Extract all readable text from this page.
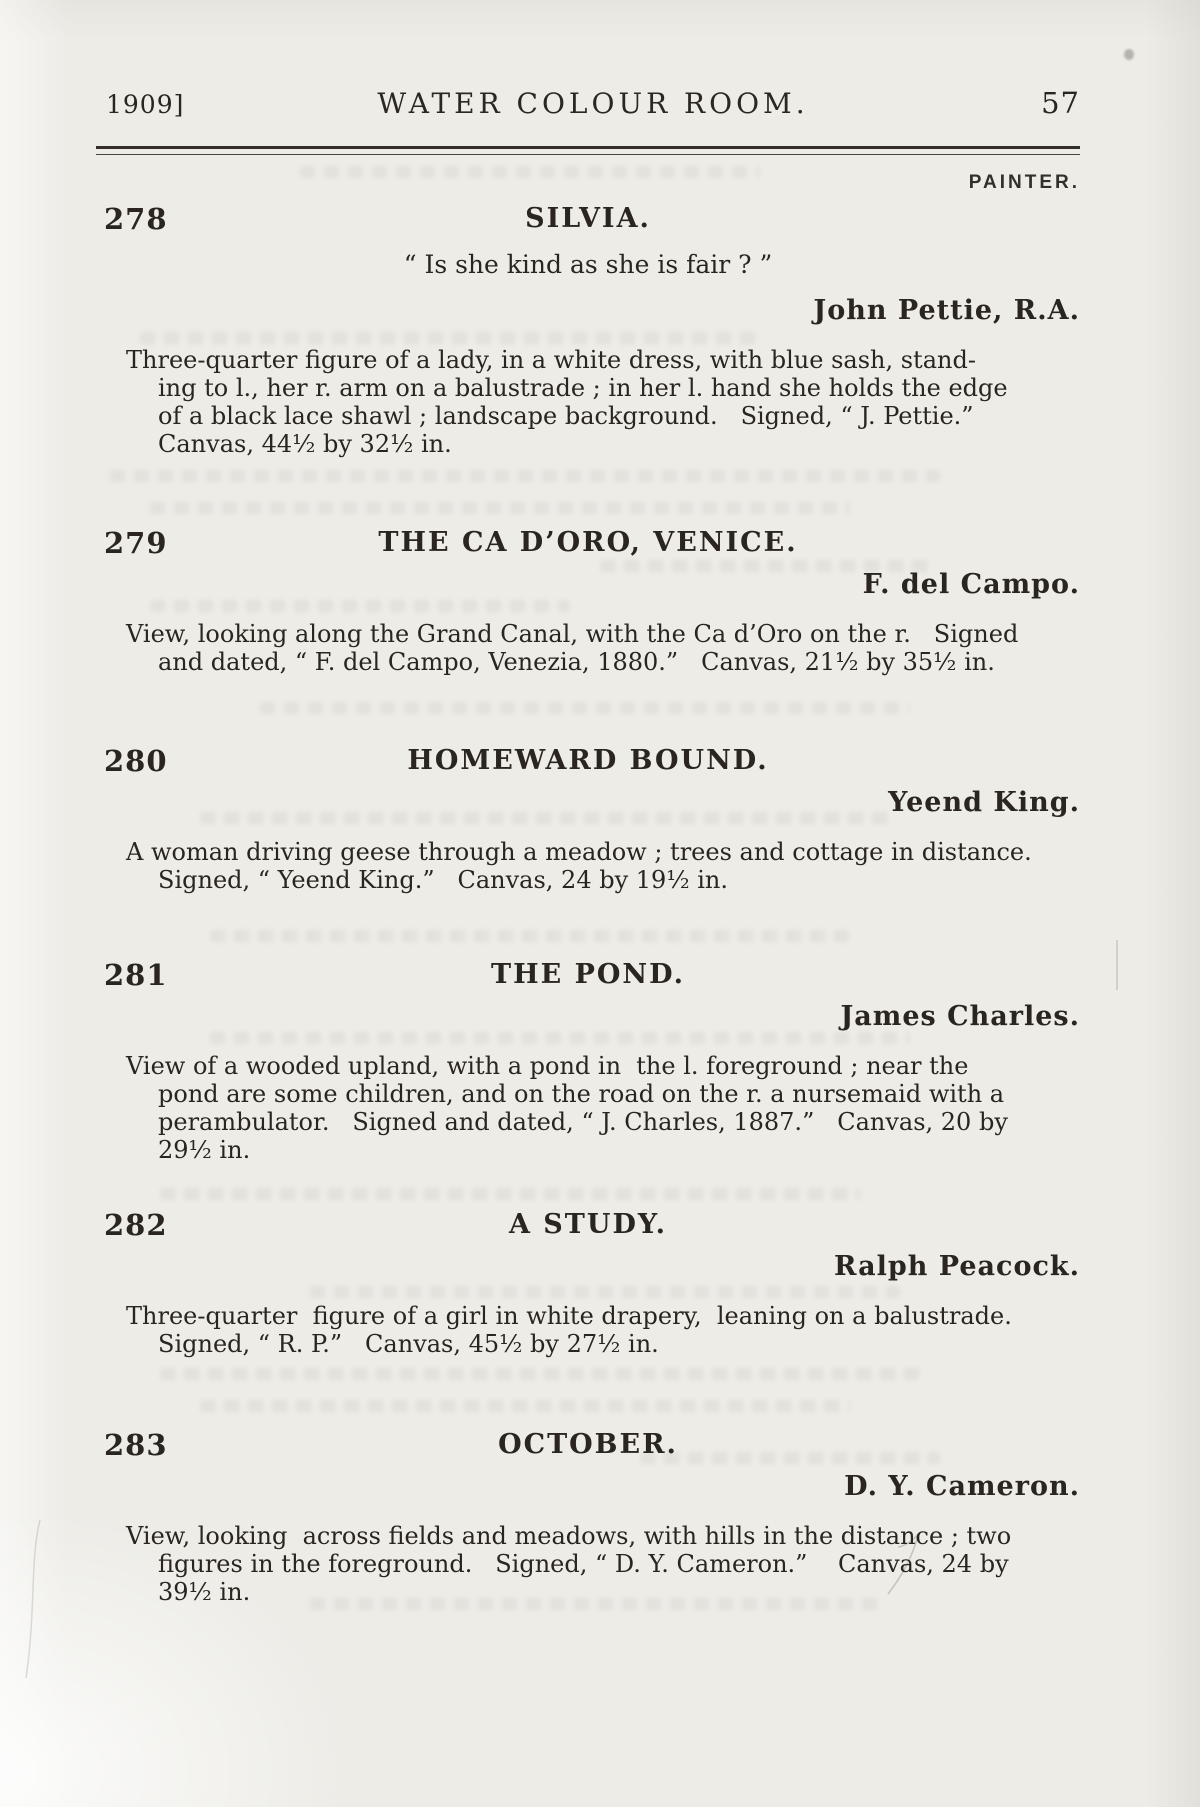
1909]	WATER COLOUR ROOM.	57
PAINTER.
278	SILVIA.
“ Is she kind as she is fair ? ”
John Pettie, R.A.
Three-quarter figure of a lady, in a white dress, with blue sash, stand-
ing to l., her r. arm on a balustrade ; in her l. hand she holds the edge
of a black lace shawl ; landscape background.   Signed, “ J. Pettie.”
Canvas, 44½ by 32½ in.
279	THE CA D’ORO, VENICE.
F. del Campo.
View, looking along the Grand Canal, with the Ca d’Oro on the r.   Signed
and dated, “ F. del Campo, Venezia, 1880.”   Canvas, 21½ by 35½ in.
280	HOMEWARD BOUND.
Yeend King.
A woman driving geese through a meadow ; trees and cottage in distance.
Signed, “ Yeend King.”   Canvas, 24 by 19½ in.
281	THE POND.
James Charles.
View of a wooded upland, with a pond in  the l. foreground ; near the
pond are some children, and on the road on the r. a nursemaid with a
perambulator.   Signed and dated, “ J. Charles, 1887.”   Canvas, 20 by
29½ in.
282	A STUDY.
Ralph Peacock.
Three-quarter  figure of a girl in white drapery,  leaning on a balustrade.
Signed, “ R. P.”   Canvas, 45½ by 27½ in.
283	OCTOBER.
D. Y. Cameron.
View, looking  across fields and meadows, with hills in the distance ; two
figures in the foreground.   Signed, “ D. Y. Cameron.”    Canvas, 24 by
39½ in.
